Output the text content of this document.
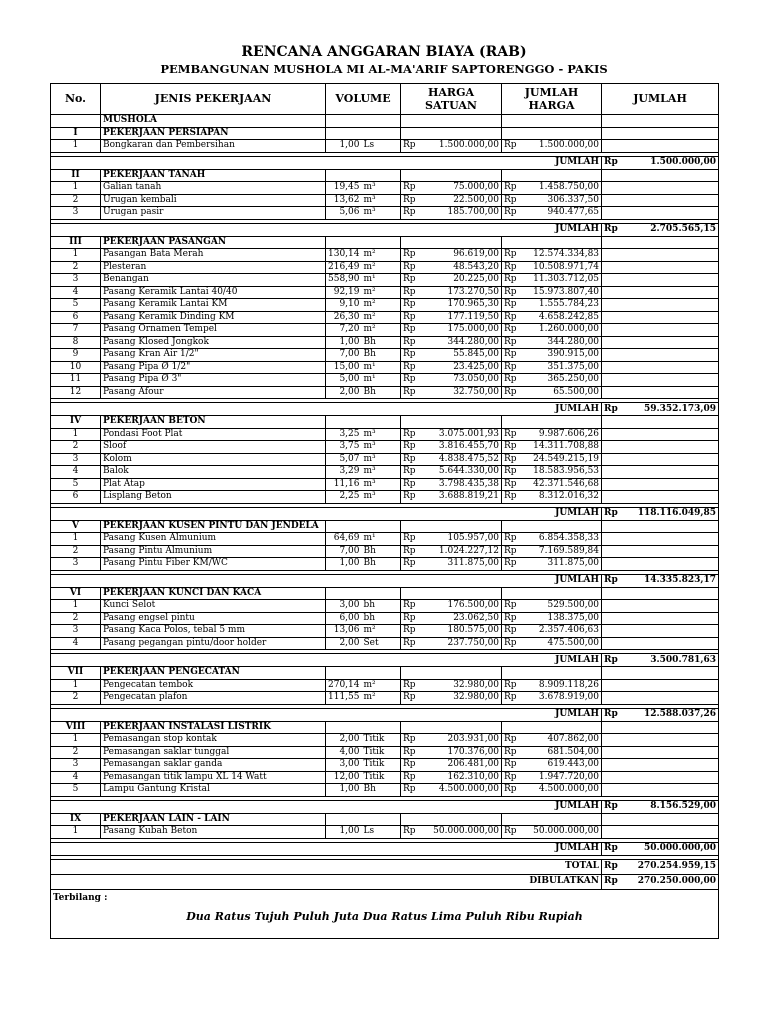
RENCANA ANGGARAN BIAYA (RAB)
PEMBANGUNAN MUSHOLA MI AL-MA'ARIF SAPTORENGGO - PAKIS
No.	JENIS PEKERJAAN	VOLUME		HARGA SATUAN		JUMLAH HARGA		JUMLAH	
	MUSHOLA								
I	PEKERJAAN PERSIAPAN								
1	Bongkaran dan Pembersihan	1,00	Ls	Rp	1.500.000,00	Rp	1.500.000,00		

JUMLAH								Rp	1.500.000,00
II	PEKERJAAN TANAH								
1	Galian tanah	19,45	m³	Rp	75.000,00	Rp	1.458.750,00		
2	Urugan kembali	13,62	m³	Rp	22.500,00	Rp	306.337,50		
3	Urugan pasir	5,06	m³	Rp	185.700,00	Rp	940.477,65		

JUMLAH								Rp	2.705.565,15
III	PEKERJAAN PASANGAN								
1	Pasangan Bata Merah	130,14	m²	Rp	96.619,00	Rp	12.574.334,83		
2	Plesteran	216,49	m²	Rp	48.543,20	Rp	10.508.971,74		
3	Benangan	558,90	m¹	Rp	20.225,00	Rp	11.303.712,05		
4	Pasang Keramik Lantai 40/40	92,19	m²	Rp	173.270,50	Rp	15.973.807,40		
5	Pasang Keramik Lantai KM	9,10	m²	Rp	170.965,30	Rp	1.555.784,23		
6	Pasang Keramik Dinding KM	26,30	m²	Rp	177.119,50	Rp	4.658.242,85		
7	Pasang Ornamen Tempel	7,20	m²	Rp	175.000,00	Rp	1.260.000,00		
8	Pasang Klosed Jongkok	1,00	Bh	Rp	344.280,00	Rp	344.280,00		
9	Pasang Kran Air 1/2"	7,00	Bh	Rp	55.845,00	Rp	390.915,00		
10	Pasang Pipa Ø 1/2"	15,00	m¹	Rp	23.425,00	Rp	351.375,00		
11	Pasang Pipa Ø 3"	5,00	m¹	Rp	73.050,00	Rp	365.250,00		
12	Pasang Afour	2,00	Bh	Rp	32.750,00	Rp	65.500,00		

JUMLAH								Rp	59.352.173,09
IV	PEKERJAAN BETON								
1	Pondasi Foot Plat	3,25	m³	Rp	3.075.001,93	Rp	9.987.606,26		
2	Sloof	3,75	m³	Rp	3.816.455,70	Rp	14.311.708,88		
3	Kolom	5,07	m³	Rp	4.838.475,52	Rp	24.549.215,19		
4	Balok	3,29	m³	Rp	5.644.330,00	Rp	18.583.956,53		
5	Plat Atap	11,16	m³	Rp	3.798.435,38	Rp	42.371.546,68		
6	Lisplang Beton	2,25	m³	Rp	3.688.819,21	Rp	8.312.016,32		

JUMLAH								Rp	118.116.049,85
V	PEKERJAAN KUSEN PINTU DAN JENDELA								
1	Pasang Kusen Almunium	64,69	m¹	Rp	105.957,00	Rp	6.854.358,33		
2	Pasang Pintu Almunium	7,00	Bh	Rp	1.024.227,12	Rp	7.169.589,84		
3	Pasang Pintu Fiber KM/WC	1,00	Bh	Rp	311.875,00	Rp	311.875,00		

JUMLAH								Rp	14.335.823,17
VI	PEKERJAAN KUNCI DAN KACA								
1	Kunci Selot	3,00	bh	Rp	176.500,00	Rp	529.500,00		
2	Pasang engsel pintu	6,00	bh	Rp	23.062,50	Rp	138.375,00		
3	Pasang Kaca Polos, tebal 5 mm	13,06	m²	Rp	180.575,00	Rp	2.357.406,63		
4	Pasang pegangan pintu/door holder	2,00	Set	Rp	237.750,00	Rp	475.500,00		

JUMLAH								Rp	3.500.781,63
VII	PEKERJAAN PENGECATAN								
1	Pengecatan tembok	270,14	m²	Rp	32.980,00	Rp	8.909.118,26		
2	Pengecatan plafon	111,55	m²	Rp	32.980,00	Rp	3.678.919,00		

JUMLAH								Rp	12.588.037,26
VIII	PEKERJAAN INSTALASI LISTRIK								
1	Pemasangan stop kontak	2,00	Titik	Rp	203.931,00	Rp	407.862,00		
2	Pemasangan saklar tunggal	4,00	Titik	Rp	170.376,00	Rp	681.504,00		
3	Pemasangan saklar ganda	3,00	Titik	Rp	206.481,00	Rp	619.443,00		
4	Pemasangan titik lampu XL 14 Watt	12,00	Titik	Rp	162.310,00	Rp	1.947.720,00		
5	Lampu Gantung Kristal	1,00	Bh	Rp	4.500.000,00	Rp	4.500.000,00		

JUMLAH								Rp	8.156.529,00
IX	PEKERJAAN LAIN - LAIN								
1	Pasang Kubah Beton	1,00	Ls	Rp	50.000.000,00	Rp	50.000.000,00		

JUMLAH								Rp	50.000.000,00

TOTAL								Rp	270.254.959,15
DIBULATKAN								Rp	270.250.000,00

Terbilang :
Dua Ratus Tujuh Puluh Juta Dua Ratus Lima Puluh Ribu Rupiah									
